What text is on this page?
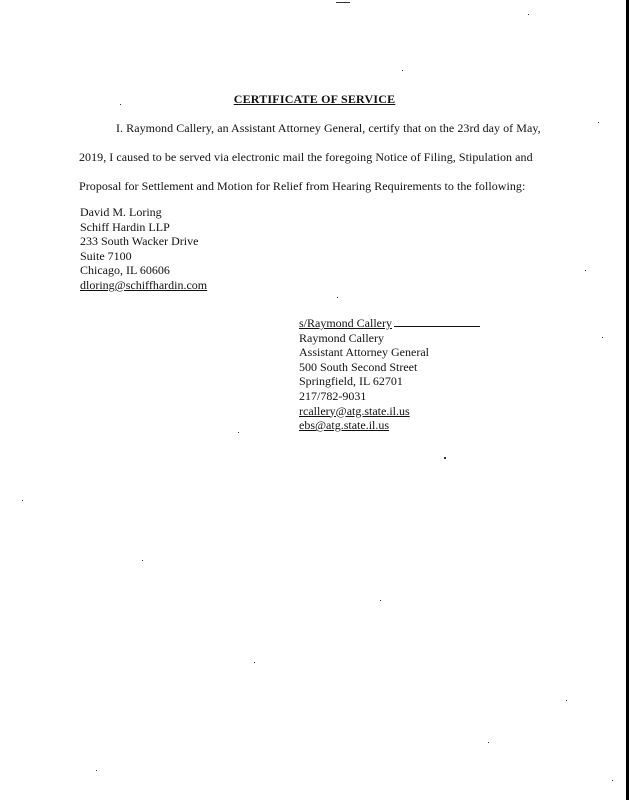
CERTIFICATE OF SERVICE
I. Raymond Callery, an Assistant Attorney General, certify that on the 23rd day of May,
2019, I caused to be served via electronic mail the foregoing Notice of Filing, Stipulation and
Proposal for Settlement and Motion for Relief from Hearing Requirements to the following:
David M. Loring
Schiff Hardin LLP
233 South Wacker Drive
Suite 7100
Chicago, IL 60606
dloring@schiffhardin.com
s/Raymond Callery
Raymond Callery
Assistant Attorney General
500 South Second Street
Springfield, IL 62701
217/782-9031
rcallery@atg.state.il.us
ebs@atg.state.il.us
